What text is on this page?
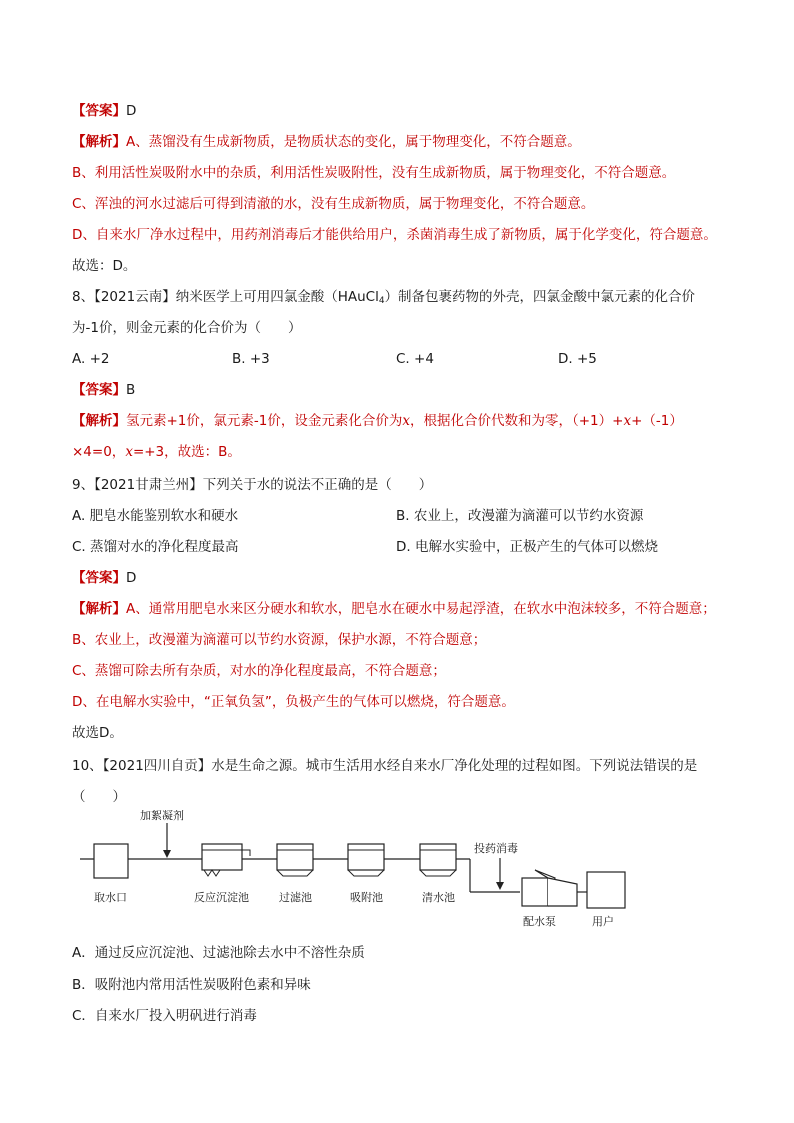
【答案】D
【解析】A、蒸馏没有生成新物质，是物质状态的变化，属于物理变化，不符合题意。
B、利用活性炭吸附水中的杂质，利用活性炭吸附性，没有生成新物质，属于物理变化，不符合题意。
C、浑浊的河水过滤后可得到清澈的水，没有生成新物质，属于物理变化，不符合题意。
D、自来水厂净水过程中，用药剂消毒后才能供给用户，杀菌消毒生成了新物质，属于化学变化，符合题意。
故选：D。
8、【2021云南】纳米医学上可用四氯金酸（HAuCl$_4$）制备包裹药物的外壳，四氯金酸中氯元素的化合价
为-1价，则金元素的化合价为（　　）
A. +2	B. +3	C. +4	D. +5
【答案】B
【解析】氢元素+1价，氯元素-1价，设金元素化合价为x，根据化合价代数和为零，（+1）+x+（-1）
×4=0，x=+3，故选：B。
9、【2021甘肃兰州】下列关于水的说法不正确的是（　　）
A. 肥皂水能鉴别软水和硬水	B. 农业上，改漫灌为滴灌可以节约水资源
C. 蒸馏对水的净化程度最高	D. 电解水实验中，正极产生的气体可以燃烧
【答案】D
【解析】A、通常用肥皂水来区分硬水和软水，肥皂水在硬水中易起浮渣，在软水中泡沫较多，不符合题意；
B、农业上，改漫灌为滴灌可以节约水资源，保护水源，不符合题意；
C、蒸馏可除去所有杂质，对水的净化程度最高，不符合题意；
D、在电解水实验中，“正氧负氢”，负极产生的气体可以燃烧，符合题意。
故选D。
10、【2021四川自贡】水是生命之源。城市生活用水经自来水厂净化处理的过程如图。下列说法错误的是
（　　）
取水口
加絮凝剂
反应沉淀池	过滤池	吸附池	清水池
投药消毒
配水泵	用户
A．通过反应沉淀池、过滤池除去水中不溶性杂质
B．吸附池内常用活性炭吸附色素和异味
C．自来水厂投入明矾进行消毒
